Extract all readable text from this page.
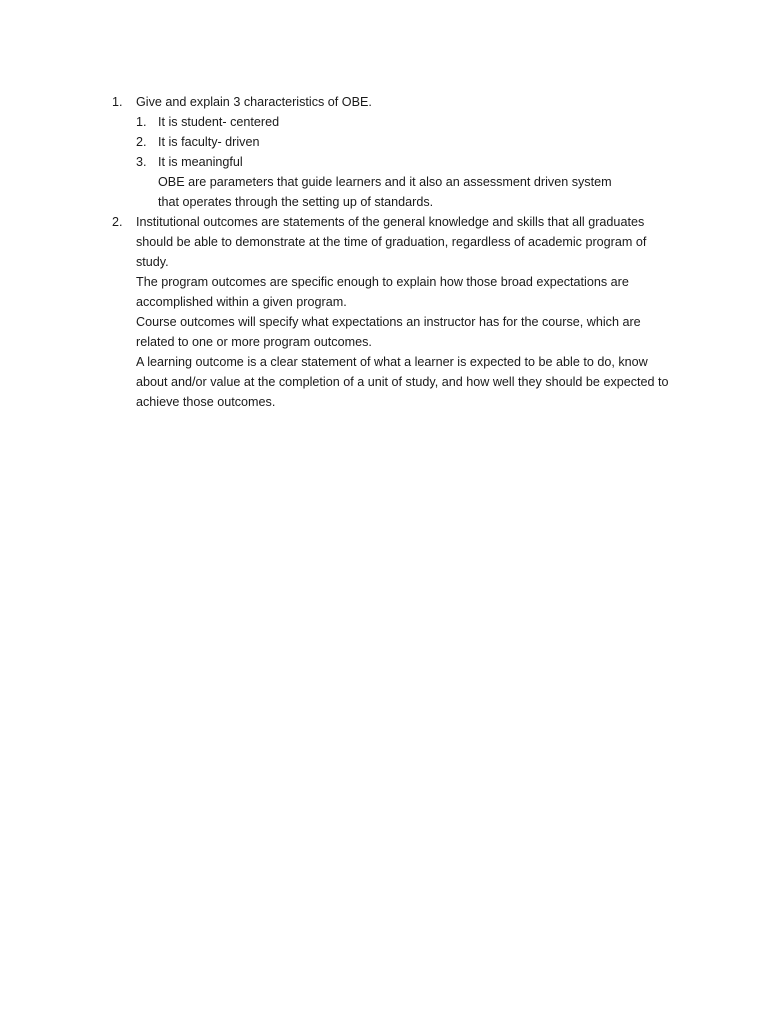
1. Give and explain 3 characteristics of OBE.

1. It is student- centered

2. It is faculty- driven

3. It is meaningful

OBE are parameters that guide learners and it also an assessment driven system that operates through the setting up of standards.

2. Institutional outcomes are statements of the general knowledge and skills that all graduates should be able to demonstrate at the time of graduation, regardless of academic program of study.

The program outcomes are specific enough to explain how those broad expectations are accomplished within a given program.

Course outcomes will specify what expectations an instructor has for the course, which are related to one or more program outcomes.

A learning outcome is a clear statement of what a learner is expected to be able to do, know about and/or value at the completion of a unit of study, and how well they should be expected to achieve those outcomes.
